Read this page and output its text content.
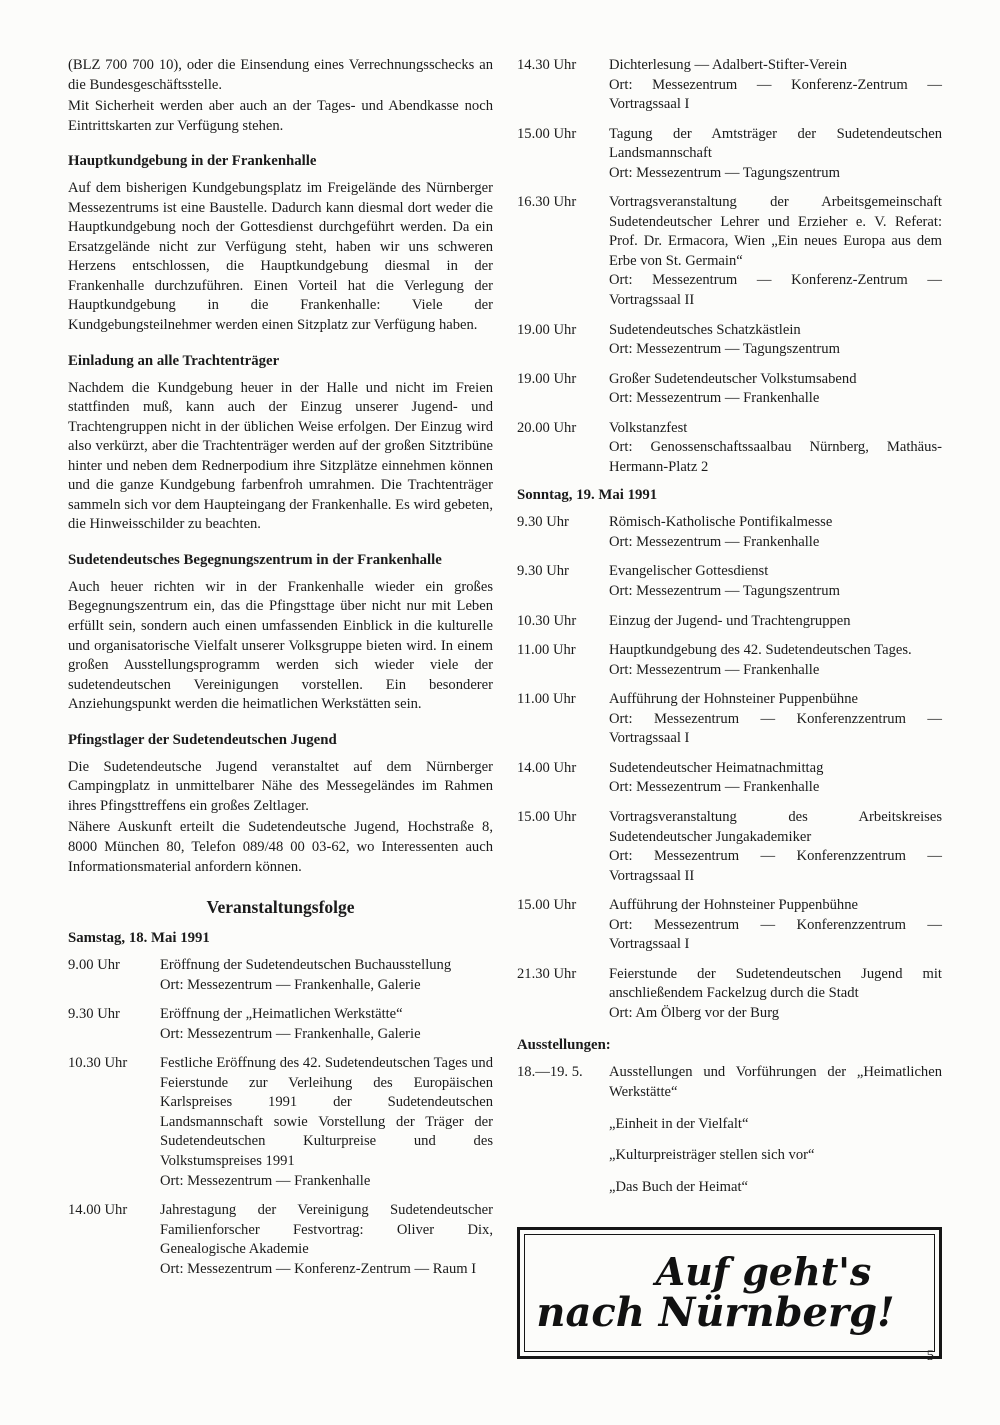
(BLZ 700 700 10), oder die Einsendung eines Verrechnungsschecks an die Bundesgeschäftsstelle.

Mit Sicherheit werden aber auch an der Tages- und Abendkasse noch Eintrittskarten zur Verfügung stehen.

Hauptkundgebung in der Frankenhalle

Auf dem bisherigen Kundgebungsplatz im Freigelände des Nürnberger Messezentrums ist eine Baustelle. Dadurch kann diesmal dort weder die Hauptkundgebung noch der Gottesdienst durchgeführt werden. Da ein Ersatzgelände nicht zur Verfügung steht, haben wir uns schweren Herzens entschlossen, die Hauptkundgebung diesmal in der Frankenhalle durchzuführen. Einen Vorteil hat die Verlegung der Hauptkundgebung in die Frankenhalle: Viele der Kundgebungsteilnehmer werden einen Sitzplatz zur Verfügung haben.

Einladung an alle Trachtenträger

Nachdem die Kundgebung heuer in der Halle und nicht im Freien stattfinden muß, kann auch der Einzug unserer Jugend- und Trachtengruppen nicht in der üblichen Weise erfolgen. Der Einzug wird also verkürzt, aber die Trachtenträger werden auf der großen Sitztribüne hinter und neben dem Rednerpodium ihre Sitzplätze einnehmen können und die ganze Kundgebung farbenfroh umrahmen. Die Trachtenträger sammeln sich vor dem Haupteingang der Frankenhalle. Es wird gebeten, die Hinweisschilder zu beachten.

Sudetendeutsches Begegnungszentrum in der Frankenhalle

Auch heuer richten wir in der Frankenhalle wieder ein großes Begegnungszentrum ein, das die Pfingsttage über nicht nur mit Leben erfüllt sein, sondern auch einen umfassenden Einblick in die kulturelle und organisatorische Vielfalt unserer Volksgruppe bieten wird. In einem großen Ausstellungsprogramm werden sich wieder viele der sudetendeutschen Vereinigungen vorstellen. Ein besonderer Anziehungspunkt werden die heimatlichen Werkstätten sein.

Pfingstlager der Sudetendeutschen Jugend

Die Sudetendeutsche Jugend veranstaltet auf dem Nürnberger Campingplatz in unmittelbarer Nähe des Messegeländes im Rahmen ihres Pfingsttreffens ein großes Zeltlager.

Nähere Auskunft erteilt die Sudetendeutsche Jugend, Hochstraße 8, 8000 München 80, Telefon 089/48 00 03-62, wo Interessenten auch Informationsmaterial anfordern können.

Veranstaltungsfolge
Samstag, 18. Mai 1991
9.00 Uhr	Eröffnung der Sudetendeutschen Buchausstellung
Ort: Messezentrum — Frankenhalle, Galerie
9.30 Uhr	Eröffnung der „Heimatlichen Werkstätte“
Ort: Messezentrum — Frankenhalle, Galerie
10.30 Uhr	Festliche Eröffnung des 42. Sudetendeutschen Tages und Feierstunde zur Verleihung des Europäischen Karlspreises 1991 der Sudetendeutschen Landsmannschaft sowie Vorstellung der Träger der Sudetendeutschen Kulturpreise und des Volkstumspreises 1991
Ort: Messezentrum — Frankenhalle
14.00 Uhr	Jahrestagung der Vereinigung Sudetendeutscher Familienforscher Festvortrag: Oliver Dix, Genealogische Akademie
Ort: Messezentrum — Konferenz-Zentrum — Raum I
14.30 Uhr	Dichterlesung — Adalbert-Stifter-Verein
Ort: Messezentrum — Konferenz-Zentrum — Vortragssaal I
15.00 Uhr	Tagung der Amtsträger der Sudetendeutschen Landsmannschaft
Ort: Messezentrum — Tagungszentrum
16.30 Uhr	Vortragsveranstaltung der Arbeitsgemeinschaft Sudetendeutscher Lehrer und Erzieher e. V. Referat: Prof. Dr. Ermacora, Wien „Ein neues Europa aus dem Erbe von St. Germain“
Ort: Messezentrum — Konferenz-Zentrum — Vortragssaal II
19.00 Uhr	Sudetendeutsches Schatzkästlein
Ort: Messezentrum — Tagungszentrum
19.00 Uhr	Großer Sudetendeutscher Volkstumsabend
Ort: Messezentrum — Frankenhalle
20.00 Uhr	Volkstanzfest
Ort: Genossenschaftssaalbau Nürnberg, Mathäus-Hermann-Platz 2
Sonntag, 19. Mai 1991
9.30 Uhr	Römisch-Katholische Pontifikalmesse
Ort: Messezentrum — Frankenhalle
9.30 Uhr	Evangelischer Gottesdienst
Ort: Messezentrum — Tagungszentrum
10.30 Uhr	Einzug der Jugend- und Trachtengruppen
11.00 Uhr	Hauptkundgebung des 42. Sudetendeutschen Tages.
Ort: Messezentrum — Frankenhalle
11.00 Uhr	Aufführung der Hohnsteiner Puppenbühne
Ort: Messezentrum — Konferenzzentrum — Vortragssaal I
14.00 Uhr	Sudetendeutscher Heimatnachmittag
Ort: Messezentrum — Frankenhalle
15.00 Uhr	Vortragsveranstaltung des Arbeitskreises Sudetendeutscher Jungakademiker
Ort: Messezentrum — Konferenzzentrum — Vortragssaal II
15.00 Uhr	Aufführung der Hohnsteiner Puppenbühne
Ort: Messezentrum — Konferenzzentrum — Vortragssaal I
21.30 Uhr	Feierstunde der Sudetendeutschen Jugend mit anschließendem Fackelzug durch die Stadt
Ort: Am Ölberg vor der Burg
Ausstellungen:
18.—19. 5.	Ausstellungen und Vorführungen der „Heimatlichen Werkstätte“
„Einheit in der Vielfalt“
„Kulturpreisträger stellen sich vor“
„Das Buch der Heimat“
Auf geht's
nach Nürnberg!
5
